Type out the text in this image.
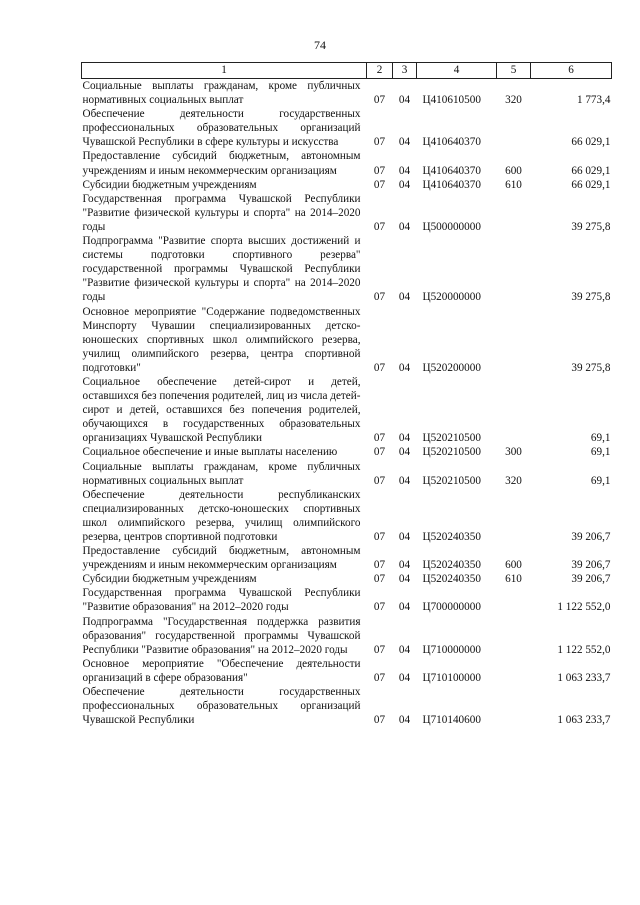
74
1	2	3	4	5	6
Социальные выплаты гражданам, кроме публичных нормативных социальных выплат	07	04	Ц410610500	320	1 773,4
Обеспечение деятельности государственных профессиональных образовательных организаций Чувашской Республики в сфере культуры и искусства	07	04	Ц410640370		66 029,1
Предоставление субсидий бюджетным, автономным учреждениям и иным некоммерческим организациям	07	04	Ц410640370	600	66 029,1
Субсидии бюджетным учреждениям	07	04	Ц410640370	610	66 029,1
Государственная программа Чувашской Республики "Развитие физической культуры и спорта" на 2014–2020 годы	07	04	Ц500000000		39 275,8
Подпрограмма "Развитие спорта высших достижений и системы подготовки спортивного резерва" государственной программы Чувашской Республики "Развитие физической культуры и спорта" на 2014–2020 годы	07	04	Ц520000000		39 275,8
Основное мероприятие "Содержание подведомственных Минспорту Чувашии специализированных детско-юношеских спортивных школ олимпийского резерва, училищ олимпийского резерва, центра спортивной подготовки"	07	04	Ц520200000		39 275,8
Социальное обеспечение детей-сирот и детей, оставшихся без попечения родителей, лиц из числа детей-сирот и детей, оставшихся без попечения родителей, обучающихся в государственных образовательных организациях Чувашской Республики	07	04	Ц520210500		69,1
Социальное обеспечение и иные выплаты населению	07	04	Ц520210500	300	69,1
Социальные выплаты гражданам, кроме публичных нормативных социальных выплат	07	04	Ц520210500	320	69,1
Обеспечение деятельности республиканских специализированных детско-юношеских спортивных школ олимпийского резерва, училищ олимпийского резерва, центров спортивной подготовки	07	04	Ц520240350		39 206,7
Предоставление субсидий бюджетным, автономным учреждениям и иным некоммерческим организациям	07	04	Ц520240350	600	39 206,7
Субсидии бюджетным учреждениям	07	04	Ц520240350	610	39 206,7
Государственная программа Чувашской Республики "Развитие образования" на 2012–2020 годы	07	04	Ц700000000		1 122 552,0
Подпрограмма "Государственная поддержка развития образования" государственной программы Чувашской Республики "Развитие образования" на 2012–2020 годы	07	04	Ц710000000		1 122 552,0
Основное мероприятие "Обеспечение деятельности организаций в сфере образования"	07	04	Ц710100000		1 063 233,7
Обеспечение деятельности государственных профессиональных образовательных организаций Чувашской Республики	07	04	Ц710140600		1 063 233,7
